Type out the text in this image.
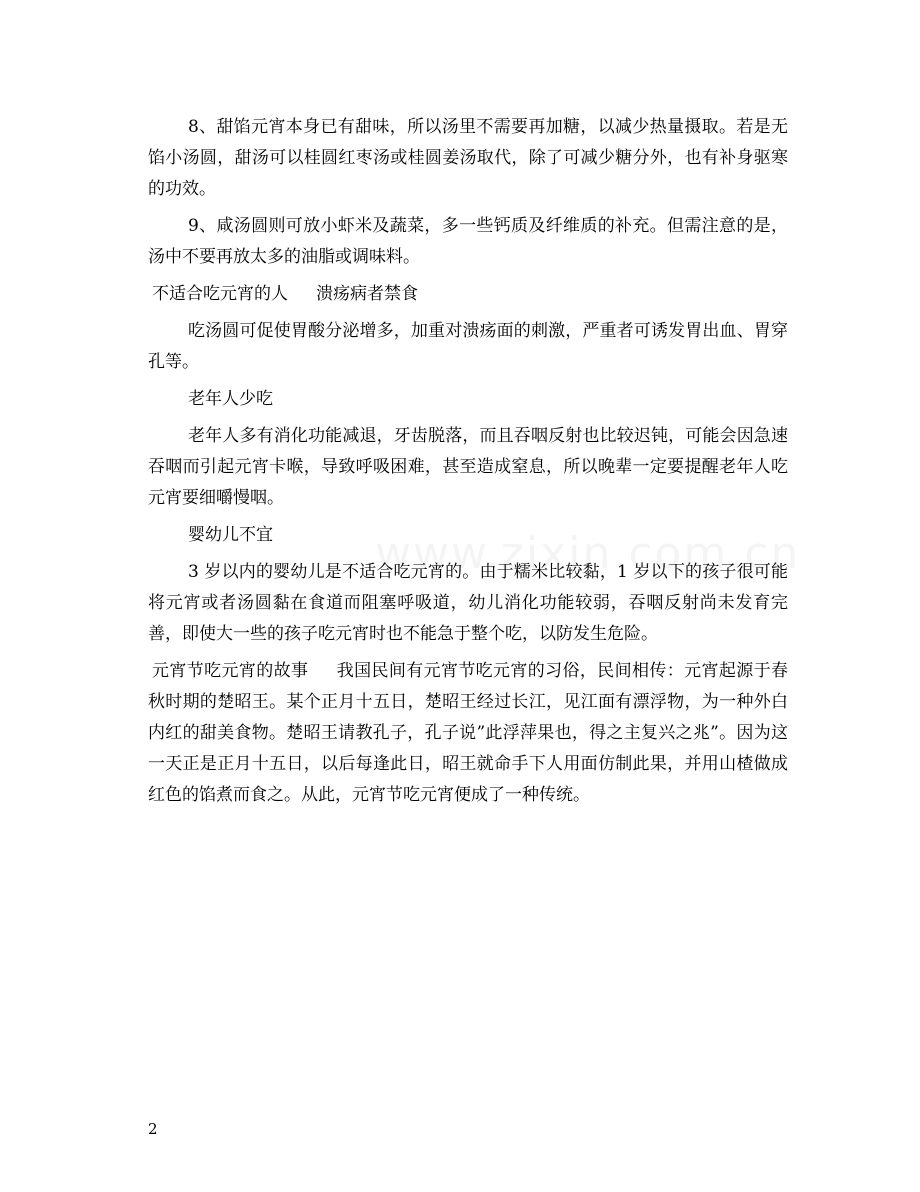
8、甜馅元宵本身已有甜味，所以汤里不需要再加糖，以减少热量摄取。若是无馅小汤圆，甜汤可以桂圆红枣汤或桂圆姜汤取代，除了可减少糖分外，也有补身驱寒的功效。

9、咸汤圆则可放小虾米及蔬菜，多一些钙质及纤维质的补充。但需注意的是，汤中不要再放太多的油脂或调味料。

不适合吃元宵的人 溃疡病者禁食

吃汤圆可促使胃酸分泌增多，加重对溃疡面的刺激，严重者可诱发胃出血、胃穿孔等。

老年人少吃

老年人多有消化功能减退，牙齿脱落，而且吞咽反射也比较迟钝，可能会因急速吞咽而引起元宵卡喉，导致呼吸困难，甚至造成窒息，所以晚辈一定要提醒老年人吃元宵要细嚼慢咽。

婴幼儿不宜

3 岁以内的婴幼儿是不适合吃元宵的。由于糯米比较黏，1 岁以下的孩子很可能将元宵或者汤圆黏在食道而阻塞呼吸道，幼儿消化功能较弱，吞咽反射尚未发育完善，即使大一些的孩子吃元宵时也不能急于整个吃，以防发生危险。

元宵节吃元宵的故事 我国民间有元宵节吃元宵的习俗，民间相传：元宵起源于春秋时期的楚昭王。某个正月十五日，楚昭王经过长江，见江面有漂浮物，为一种外白内红的甜美食物。楚昭王请教孔子，孔子说”此浮萍果也，得之主复兴之兆”。因为这一天正是正月十五日，以后每逢此日，昭王就命手下人用面仿制此果，并用山楂做成红色的馅煮而食之。从此，元宵节吃元宵便成了一种传统。

2
